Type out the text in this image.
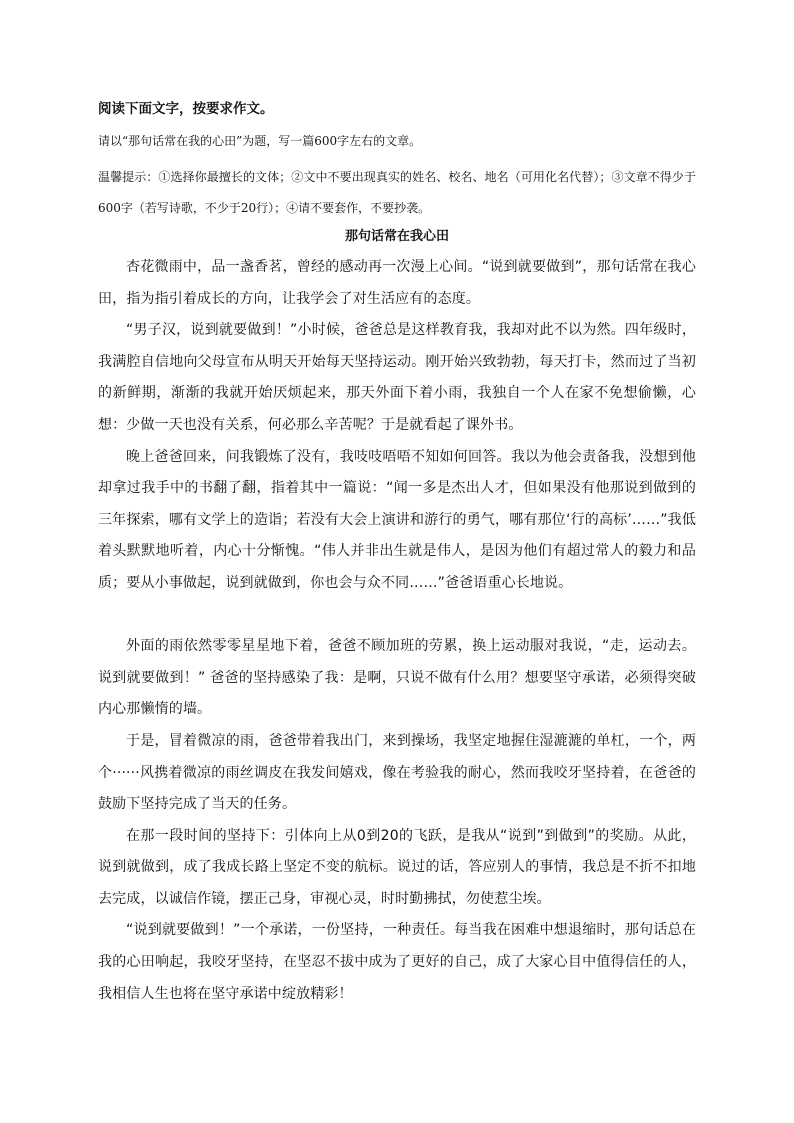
阅读下面文字，按要求作文。
请以“那句话常在我的心田”为题，写一篇600字左右的文章。
温馨提示：①选择你最擅长的文体；②文中不要出现真实的姓名、校名、地名（可用化名代替）；③文章不得少于600字（若写诗歌，不少于20行）；④请不要套作，不要抄袭。
那句话常在我心田

杏花微雨中，品一盏香茗，曾经的感动再一次漫上心间。“说到就要做到”，那句话常在我心田，指为指引着成长的方向，让我学会了对生活应有的态度。

“男子汉，说到就要做到！”小时候，爸爸总是这样教育我，我却对此不以为然。四年级时，我满腔自信地向父母宣布从明天开始每天坚持运动。刚开始兴致勃勃，每天打卡，然而过了当初的新鲜期，渐渐的我就开始厌烦起来，那天外面下着小雨，我独自一个人在家不免想偷懒，心想：少做一天也没有关系，何必那么辛苦呢？于是就看起了课外书。

晚上爸爸回来，问我锻炼了没有，我吱吱唔唔不知如何回答。我以为他会责备我，没想到他却拿过我手中的书翻了翻，指着其中一篇说：“闻一多是杰出人才，但如果没有他那说到做到的三年探索，哪有文学上的造诣；若没有大会上演讲和游行的勇气，哪有那位‘行的高标’……”我低着头默默地听着，内心十分惭愧。“伟人并非出生就是伟人，是因为他们有超过常人的毅力和品质；要从小事做起，说到就做到，你也会与众不同……”爸爸语重心长地说。

外面的雨依然零零星星地下着，爸爸不顾加班的劳累，换上运动服对我说，“走，运动去。说到就要做到！” 爸爸的坚持感染了我：是啊，只说不做有什么用？想要坚守承诺，必须得突破内心那懒惰的墙。

于是，冒着微凉的雨，爸爸带着我出门，来到操场，我坚定地握住湿漉漉的单杠，一个，两个······风携着微凉的雨丝调皮在我发间嬉戏，像在考验我的耐心，然而我咬牙坚持着，在爸爸的鼓励下坚持完成了当天的任务。

在那一段时间的坚持下：引体向上从0到20的飞跃，是我从“说到”到做到”的奖励。从此，说到就做到，成了我成长路上坚定不变的航标。说过的话，答应别人的事情，我总是不折不扣地去完成，以诚信作镜，摆正己身，审视心灵，时时勤拂拭，勿使惹尘埃。

“说到就要做到！”一个承诺，一份坚持，一种责任。每当我在困难中想退缩时，那句话总在我的心田响起，我咬牙坚持，在坚忍不拔中成为了更好的自己，成了大家心目中值得信任的人，我相信人生也将在坚守承诺中绽放精彩！
